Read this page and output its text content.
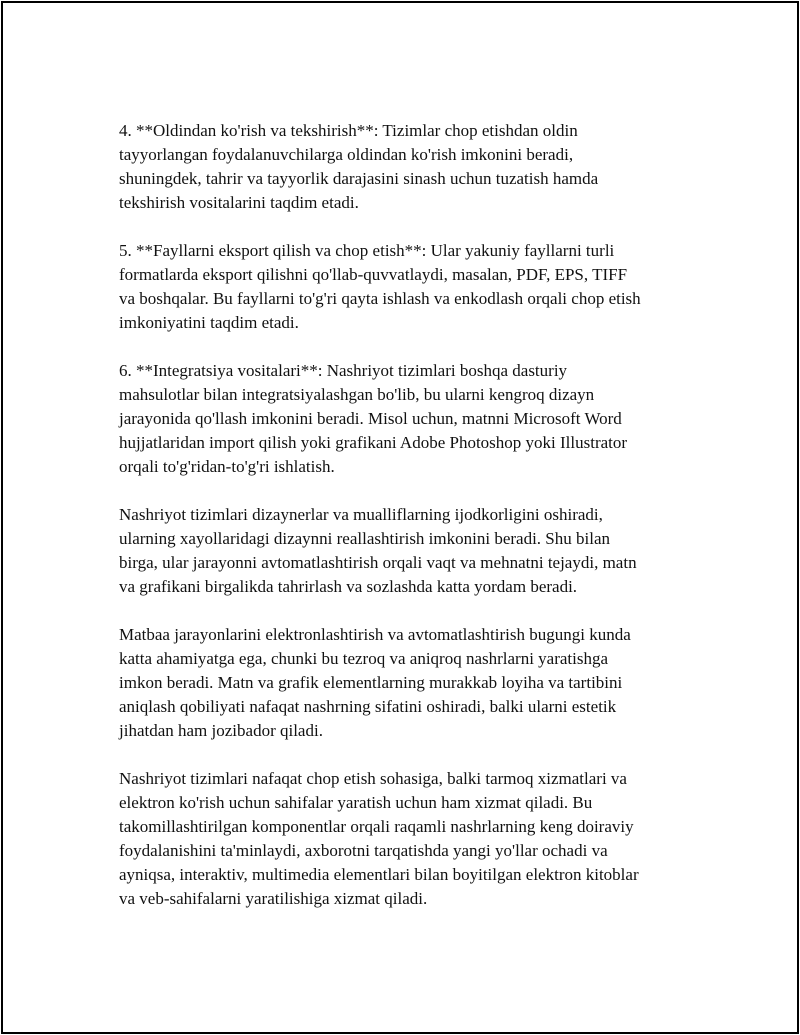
4. **Oldindan ko'rish va tekshirish**: Tizimlar chop etishdan oldin
tayyorlangan foydalanuvchilarga oldindan ko'rish imkonini beradi,
shuningdek, tahrir va tayyorlik darajasini sinash uchun tuzatish hamda
tekshirish vositalarini taqdim etadi.

5. **Fayllarni eksport qilish va chop etish**: Ular yakuniy fayllarni turli
formatlarda eksport qilishni qo'llab-quvvatlaydi, masalan, PDF, EPS, TIFF
va boshqalar. Bu fayllarni to'g'ri qayta ishlash va enkodlash orqali chop etish
imkoniyatini taqdim etadi.

6. **Integratsiya vositalari**: Nashriyot tizimlari boshqa dasturiy
mahsulotlar bilan integratsiyalashgan bo'lib, bu ularni kengroq dizayn
jarayonida qo'llash imkonini beradi. Misol uchun, matnni Microsoft Word
hujjatlaridan import qilish yoki grafikani Adobe Photoshop yoki Illustrator
orqali to'g'ridan-to'g'ri ishlatish.

Nashriyot tizimlari dizaynerlar va mualliflarning ijodkorligini oshiradi,
ularning xayollaridagi dizaynni reallashtirish imkonini beradi. Shu bilan
birga, ular jarayonni avtomatlashtirish orqali vaqt va mehnatni tejaydi, matn
va grafikani birgalikda tahrirlash va sozlashda katta yordam beradi.

Matbaa jarayonlarini elektronlashtirish va avtomatlashtirish bugungi kunda
katta ahamiyatga ega, chunki bu tezroq va aniqroq nashrlarni yaratishga
imkon beradi. Matn va grafik elementlarning murakkab loyiha va tartibini
aniqlash qobiliyati nafaqat nashrning sifatini oshiradi, balki ularni estetik
jihatdan ham jozibador qiladi.

Nashriyot tizimlari nafaqat chop etish sohasiga, balki tarmoq xizmatlari va
elektron ko'rish uchun sahifalar yaratish uchun ham xizmat qiladi. Bu
takomillashtirilgan komponentlar orqali raqamli nashrlarning keng doiraviy
foydalanishini ta'minlaydi, axborotni tarqatishda yangi yo'llar ochadi va
ayniqsa, interaktiv, multimedia elementlari bilan boyitilgan elektron kitoblar
va veb-sahifalarni yaratilishiga xizmat qiladi.
